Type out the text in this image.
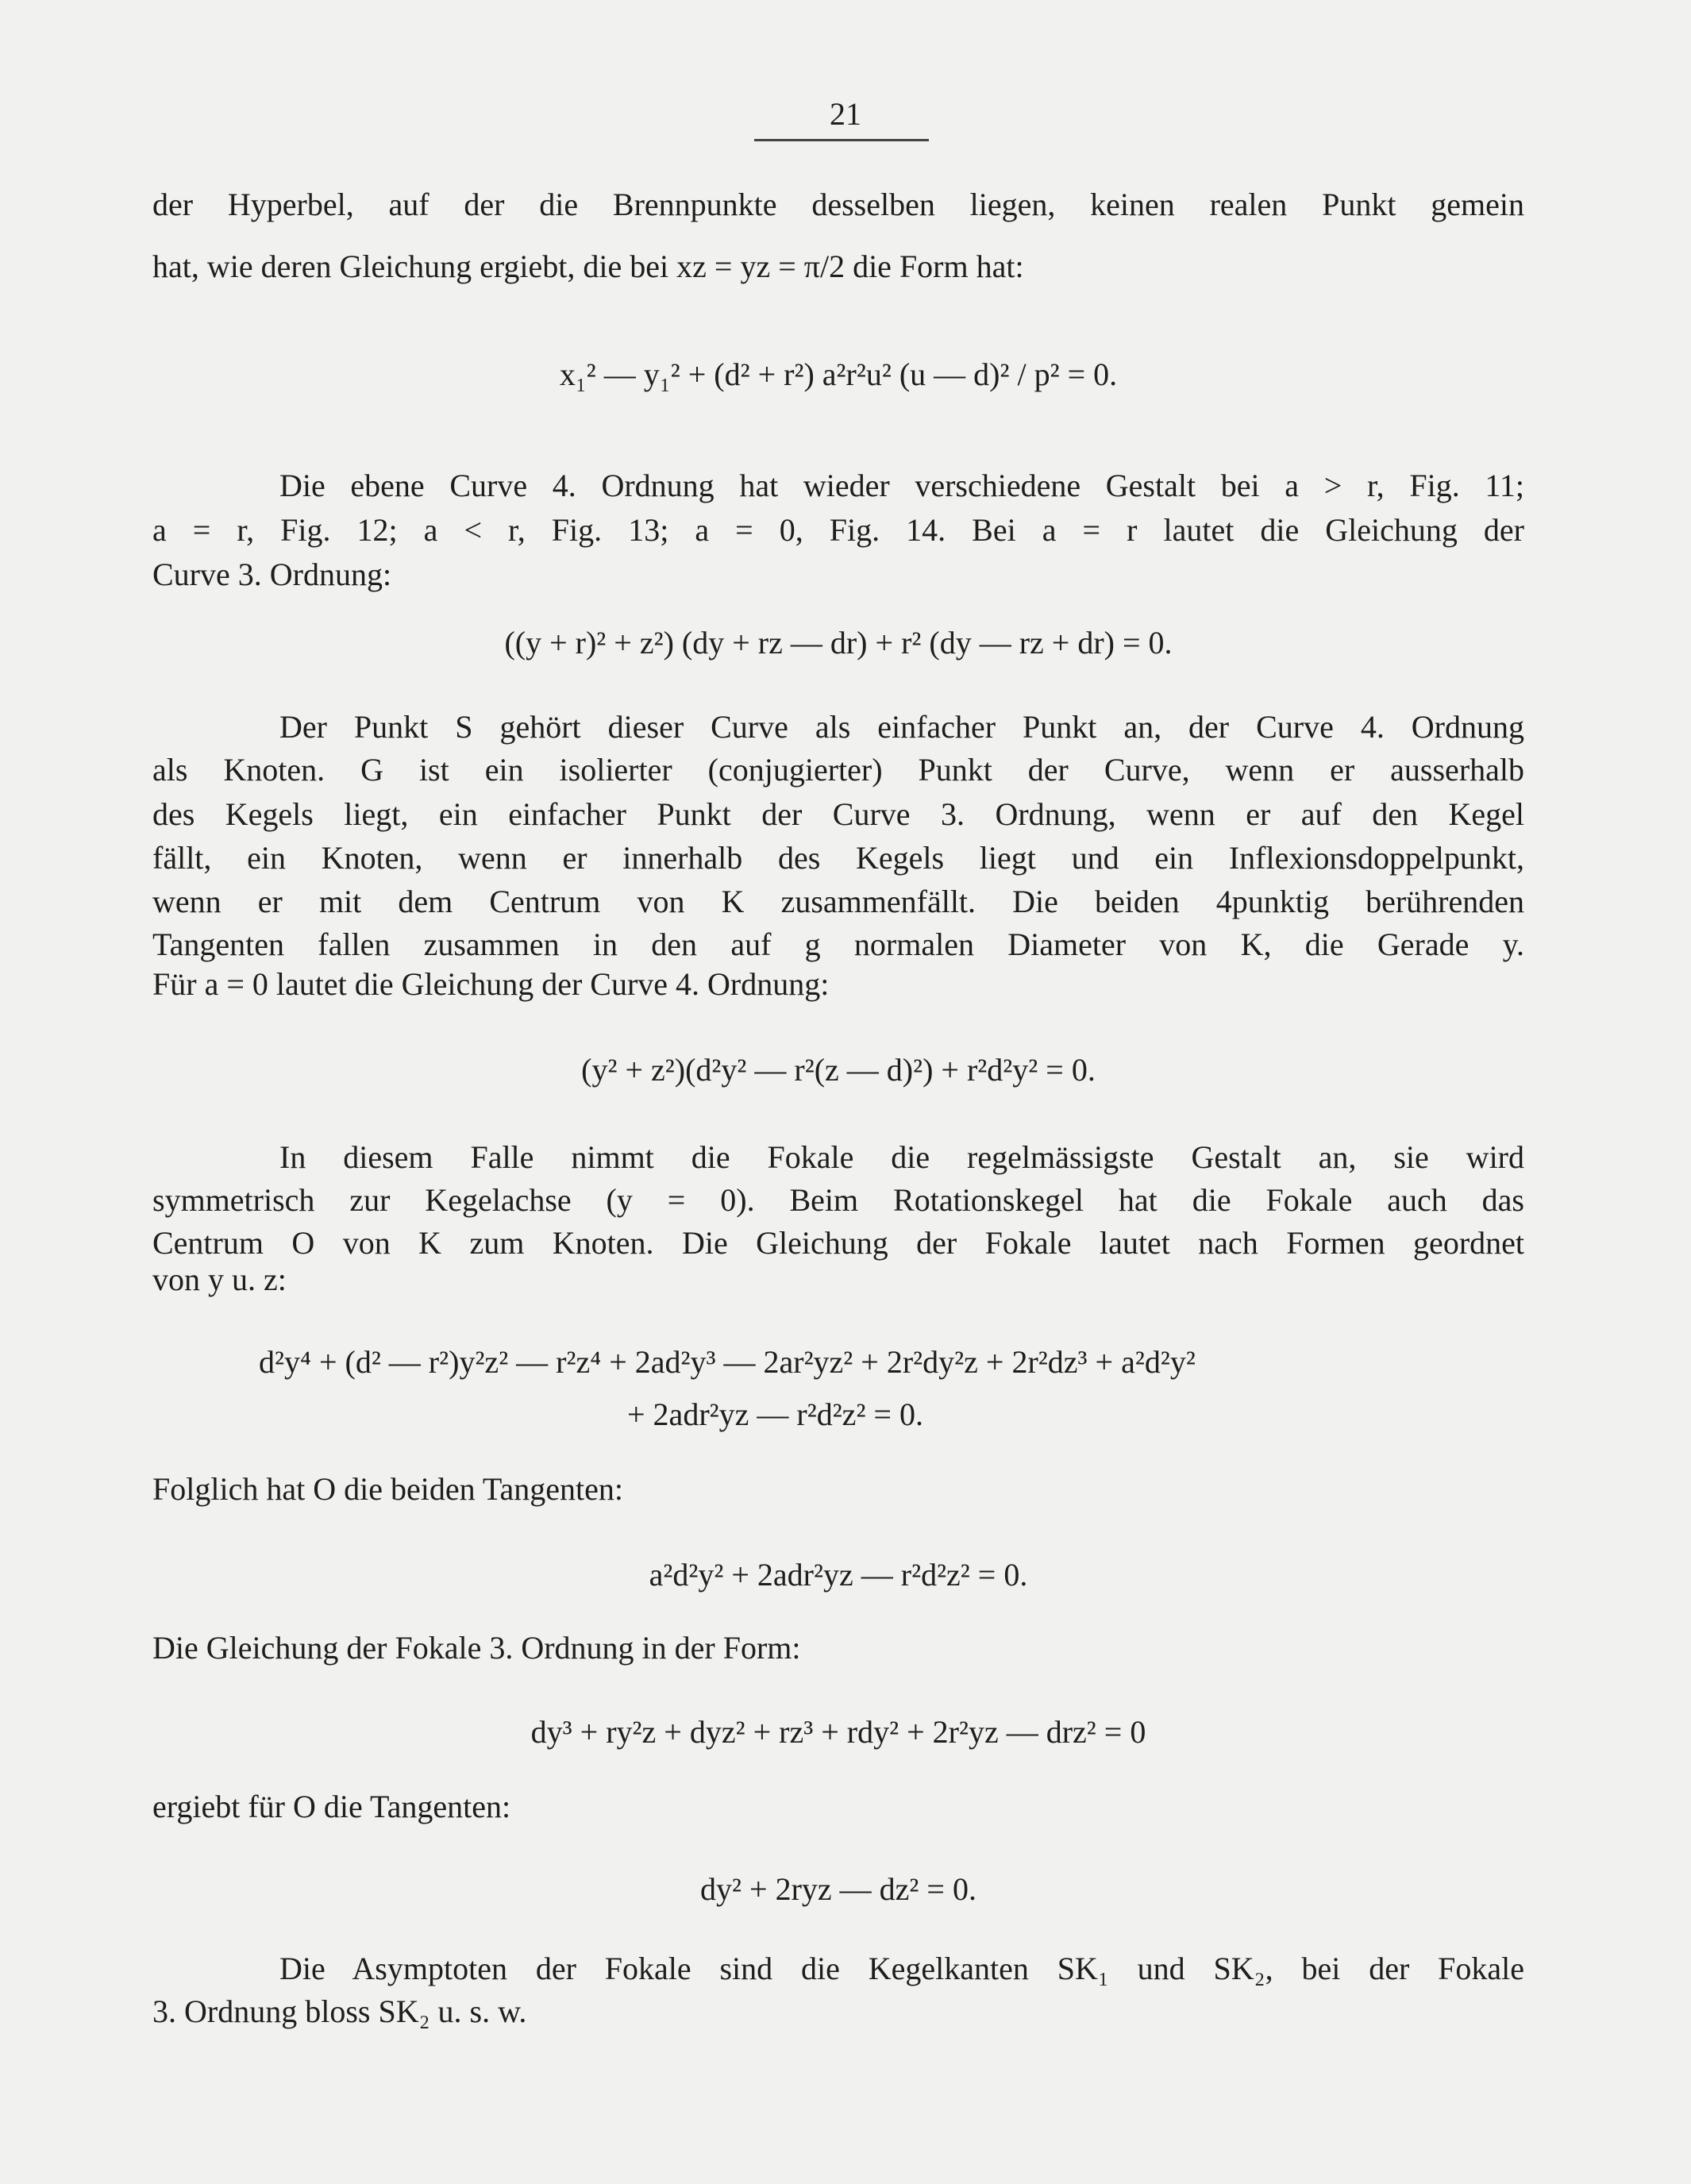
21
der Hyperbel, auf der die Brennpunkte desselben liegen, keinen realen Punkt gemein
hat, wie deren Gleichung ergiebt, die bei xz = yz = π/2 die Form hat:
x₁² — y₁² + (d² + r²) a²r²u² (u — d)² / p² = 0.
Die ebene Curve 4. Ordnung hat wieder verschiedene Gestalt bei a > r, Fig. 11;
a = r, Fig. 12; a < r, Fig. 13; a = 0, Fig. 14. Bei a = r lautet die Gleichung der
Curve 3. Ordnung:
((y + r)² + z²) (dy + rz — dr) + r² (dy — rz + dr) = 0.
Der Punkt S gehört dieser Curve als einfacher Punkt an, der Curve 4. Ordnung
als Knoten. G ist ein isolierter (conjugierter) Punkt der Curve, wenn er ausserhalb
des Kegels liegt, ein einfacher Punkt der Curve 3. Ordnung, wenn er auf den Kegel
fällt, ein Knoten, wenn er innerhalb des Kegels liegt und ein Inflexionsdoppelpunkt,
wenn er mit dem Centrum von K zusammenfällt. Die beiden 4punktig berührenden
Tangenten fallen zusammen in den auf g normalen Diameter von K, die Gerade y.
Für a = 0 lautet die Gleichung der Curve 4. Ordnung:
(y² + z²)(d²y² — r²(z — d)²) + r²d²y² = 0.
In diesem Falle nimmt die Fokale die regelmässigste Gestalt an, sie wird
symmetrisch zur Kegelachse (y = 0). Beim Rotationskegel hat die Fokale auch das
Centrum O von K zum Knoten. Die Gleichung der Fokale lautet nach Formen geordnet
von y u. z:
d²y⁴ + (d² — r²)y²z² — r²z⁴ + 2ad²y³ — 2ar²yz² + 2r²dy²z + 2r²dz³ + a²d²y²
+ 2adr²yz — r²d²z² = 0.
Folglich hat O die beiden Tangenten:
a²d²y² + 2adr²yz — r²d²z² = 0.
Die Gleichung der Fokale 3. Ordnung in der Form:
dy³ + ry²z + dyz² + rz³ + rdy² + 2r²yz — drz² = 0
ergiebt für O die Tangenten:
dy² + 2ryz — dz² = 0.
Die Asymptoten der Fokale sind die Kegelkanten SK₁ und SK₂, bei der Fokale
3. Ordnung bloss SK₂ u. s. w.
